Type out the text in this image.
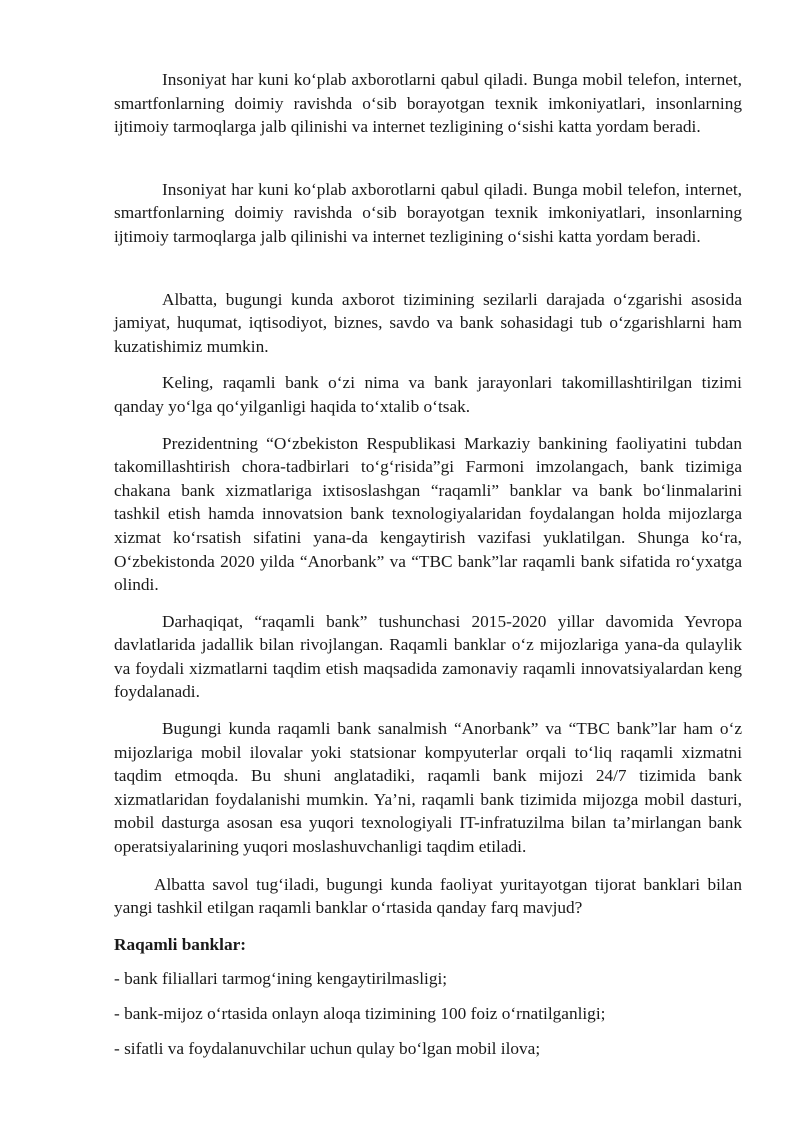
Insoniyat har kuni ko‘plab axborotlarni qabul qiladi. Bunga mobil telefon, internet, smartfonlarning doimiy ravishda o‘sib borayotgan texnik imkoniyatlari, insonlarning ijtimoiy tarmoqlarga jalb qilinishi va internet tezligining o‘sishi katta yordam beradi.

Insoniyat har kuni ko‘plab axborotlarni qabul qiladi. Bunga mobil telefon, internet, smartfonlarning doimiy ravishda o‘sib borayotgan texnik imkoniyatlari, insonlarning ijtimoiy tarmoqlarga jalb qilinishi va internet tezligining o‘sishi katta yordam beradi.

Albatta, bugungi kunda axborot tizimining sezilarli darajada o‘zgarishi asosida jamiyat, huqumat, iqtisodiyot, biznes, savdo va bank sohasidagi tub o‘zgarishlarni ham kuzatishimiz mumkin.

Keling, raqamli bank o‘zi nima va bank jarayonlari takomillashtirilgan tizimi qanday yo‘lga qo‘yilganligi haqida to‘xtalib o‘tsak.

Prezidentning “O‘zbekiston Respublikasi Markaziy bankining faoliyatini tubdan takomillashtirish chora-tadbirlari to‘g‘risida”gi Farmoni imzolangach, bank tizimiga chakana bank xizmatlariga ixtisoslashgan “raqamli” banklar va bank bo‘linmalarini tashkil etish hamda innovatsion bank texnologiyalaridan foydalangan holda mijozlarga xizmat ko‘rsatish sifatini yana-da kengaytirish vazifasi yuklatilgan. Shunga ko‘ra, O‘zbekistonda 2020 yilda “Anorbank” va “TBC bank”lar raqamli bank sifatida ro‘yxatga olindi.

Darhaqiqat, “raqamli bank” tushunchasi 2015-2020 yillar davomida Yevropa davlatlarida jadallik bilan rivojlangan. Raqamli banklar o‘z mijozlariga yana-da qulaylik va foydali xizmatlarni taqdim etish maqsadida zamonaviy raqamli innovatsiyalardan keng foydalanadi.

Bugungi kunda raqamli bank sanalmish “Anorbank” va “TBC bank”lar ham o‘z mijozlariga mobil ilovalar yoki statsionar kompyuterlar orqali to‘liq raqamli xizmatni taqdim etmoqda. Bu shuni anglatadiki, raqamli bank mijozi 24/7 tizimida bank xizmatlaridan foydalanishi mumkin. Ya’ni, raqamli bank tizimida mijozga mobil dasturi, mobil dasturga asosan esa yuqori texnologiyali IT-infratuzilma bilan ta’mirlangan bank operatsiyalarining yuqori moslashuvchanligi taqdim etiladi.

Albatta savol tug‘iladi, bugungi kunda faoliyat yuritayotgan tijorat banklari bilan yangi tashkil etilgan raqamli banklar o‘rtasida qanday farq mavjud?

Raqamli banklar:

- bank filiallari tarmog‘ining kengaytirilmasligi;
- bank-mijoz o‘rtasida onlayn aloqa tizimining 100 foiz o‘rnatilganligi;
- sifatli va foydalanuvchilar uchun qulay bo‘lgan mobil ilova;
